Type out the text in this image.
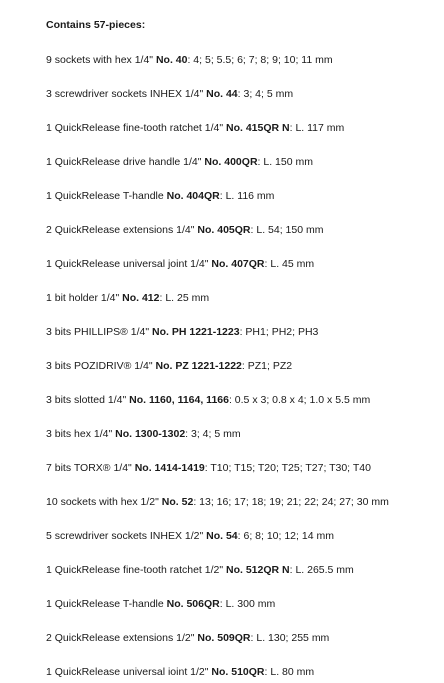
Contains 57-pieces:
9 sockets with hex 1/4" No. 40: 4; 5; 5.5; 6; 7; 8; 9; 10; 11 mm
3 screwdriver sockets INHEX 1/4" No. 44: 3; 4; 5 mm
1 QuickRelease fine-tooth ratchet 1/4" No. 415QR N: L. 117 mm
1 QuickRelease drive handle 1/4" No. 400QR: L. 150 mm
1 QuickRelease T-handle No. 404QR: L. 116 mm
2 QuickRelease extensions 1/4" No. 405QR: L. 54; 150 mm
1 QuickRelease universal joint 1/4" No. 407QR: L. 45 mm
1 bit holder 1/4" No. 412: L. 25 mm
3 bits PHILLIPS® 1/4" No. PH 1221-1223: PH1; PH2; PH3
3 bits POZIDRIV® 1/4" No. PZ 1221-1222: PZ1; PZ2
3 bits slotted 1/4" No. 1160, 1164, 1166: 0.5 x 3; 0.8 x 4; 1.0 x 5.5 mm
3 bits hex 1/4" No. 1300-1302: 3; 4; 5 mm
7 bits TORX® 1/4" No. 1414-1419: T10; T15; T20; T25; T27; T30; T40
10 sockets with hex 1/2" No. 52: 13; 16; 17; 18; 19; 21; 22; 24; 27; 30 mm
5 screwdriver sockets INHEX 1/2" No. 54: 6; 8; 10; 12; 14 mm
1 QuickRelease fine-tooth ratchet 1/2" No. 512QR N: L. 265.5 mm
1 QuickRelease T-handle No. 506QR: L. 300 mm
2 QuickRelease extensions 1/2" No. 509QR: L. 130; 255 mm
1 QuickRelease universal ioint 1/2" No. 510QR: L. 80 mm
